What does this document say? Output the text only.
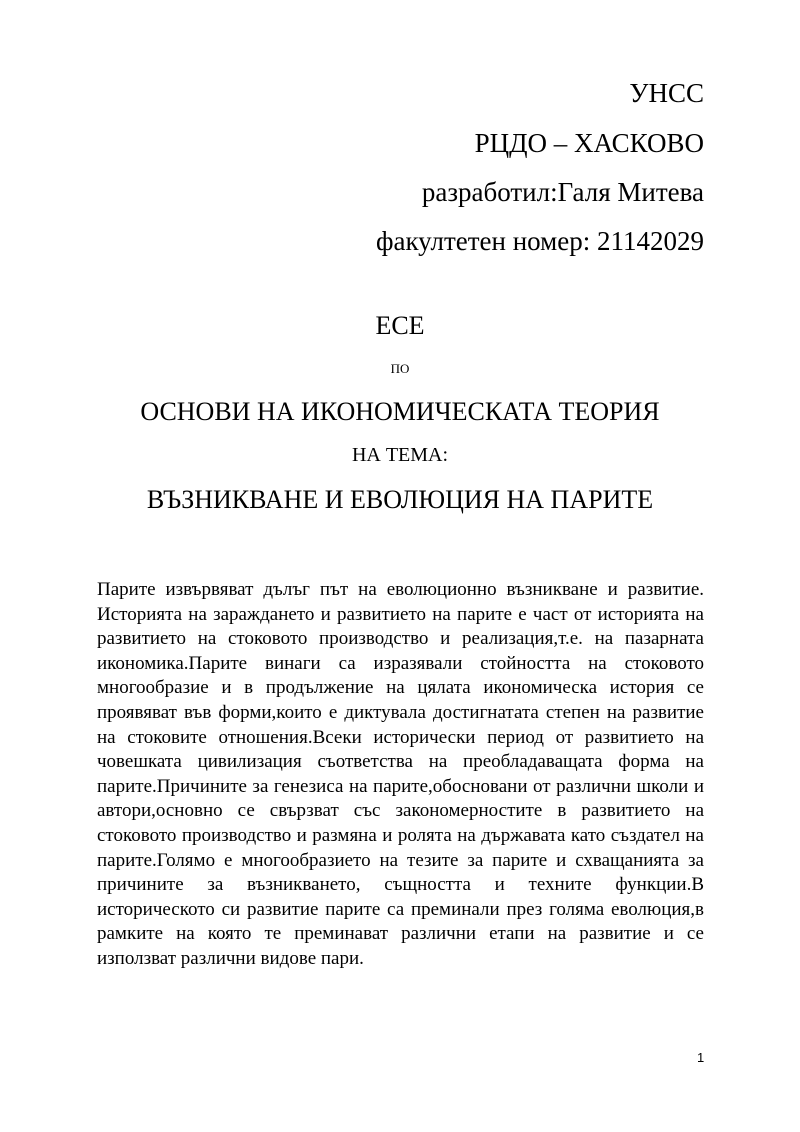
УНСС
РЦДО – ХАСКОВО
разработил:Галя Митева
факултетен номер: 21142029
ЕСЕ
ПО
ОСНОВИ НА ИКОНОМИЧЕСКАТА ТЕОРИЯ
НА ТЕМА:
ВЪЗНИКВАНЕ И ЕВОЛЮЦИЯ НА ПАРИТЕ
Парите извървяват дълъг път на еволюционно възникване и развитие. Историята на зараждането и развитието на парите е част от историята на развитието на стоковото производство и реализация,т.е. на пазарната икономика.Парите винаги са изразявали стойността на стоковото многообразие и в продължение на цялата икономическа история се проявяват във форми,които е диктувала достигнатата степен на развитие на стоковите отношения.Всеки исторически период от развитието на човешката цивилизация съответства на преобладаващата форма на парите.Причините за генезиса на парите,обосновани от различни школи и автори,основно се свързват със закономерностите в развитието на стоковото производство и размяна и ролята на държавата като създател на парите.Голямо е многообразието на тезите за парите и схващанията за причините за възникването, същността и техните функции.В историческото си развитие парите са преминали през голяма еволюция,в рамките на която те преминават различни етапи на развитие и се използват различни видове пари.
1
